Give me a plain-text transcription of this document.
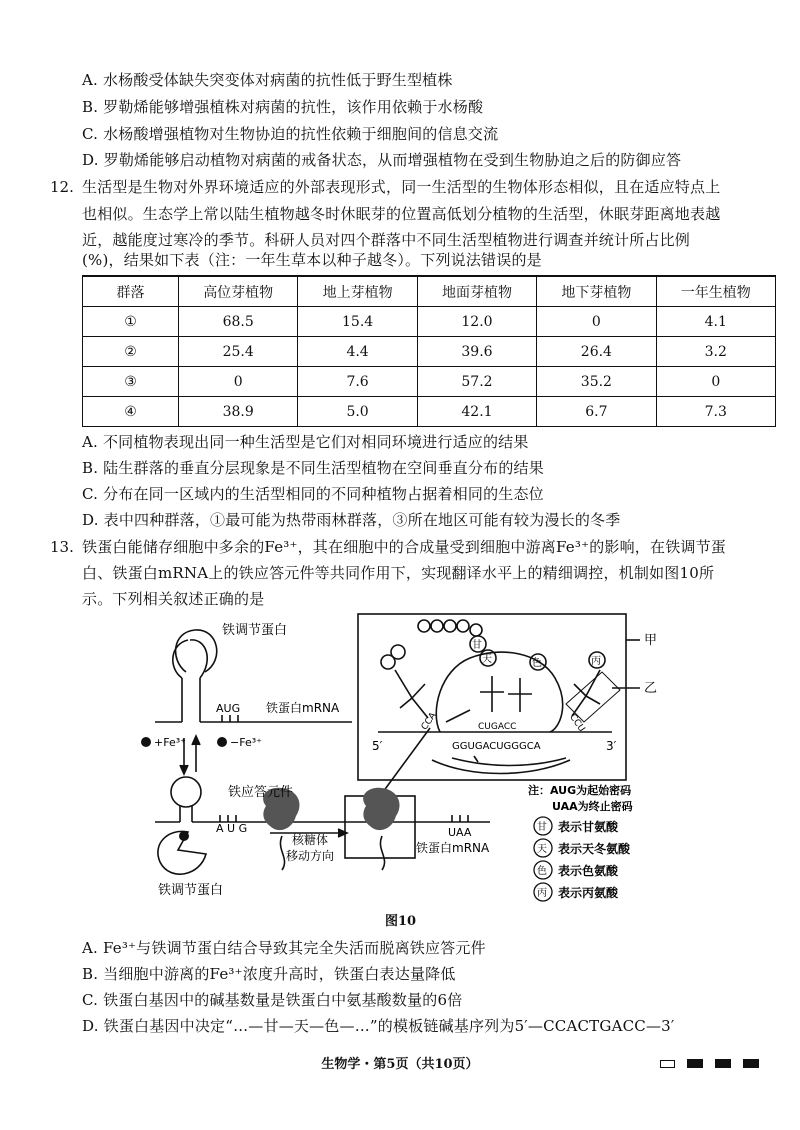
A. 水杨酸受体缺失突变体对病菌的抗性低于野生型植株
B. 罗勒烯能够增强植株对病菌的抗性，该作用依赖于水杨酸
C. 水杨酸增强植物对生物协迫的抗性依赖于细胞间的信息交流
D. 罗勒烯能够启动植物对病菌的戒备状态，从而增强植物在受到生物胁迫之后的防御应答
12. 生活型是生物对外界环境适应的外部表现形式，同一生活型的生物体形态相似，且在适应特点上
也相似。生态学上常以陆生植物越冬时休眠芽的位置高低划分植物的生活型，休眠芽距离地表越
近，越能度过寒冷的季节。科研人员对四个群落中不同生活型植物进行调查并统计所占比例
(%)，结果如下表（注：一年生草本以种子越冬）。下列说法错误的是
群落	高位芽植物	地上芽植物	地面芽植物	地下芽植物	一年生植物
①	68.5	15.4	12.0	0	4.1
②	25.4	4.4	39.6	26.4	3.2
③	0	7.6	57.2	35.2	0
④	38.9	5.0	42.1	6.7	7.3
A. 不同植物表现出同一种生活型是它们对相同环境进行适应的结果
B. 陆生群落的垂直分层现象是不同生活型植物在空间垂直分布的结果
C. 分布在同一区域内的生活型相同的不同种植物占据着相同的生态位
D. 表中四种群落，①最可能为热带雨林群落，③所在地区可能有较为漫长的冬季
13. 铁蛋白能储存细胞中多余的Fe³⁺，其在细胞中的合成量受到细胞中游离Fe³⁺的影响，在铁调节蛋
白、铁蛋白mRNA上的铁应答元件等共同作用下，实现翻译水平上的精细调控，机制如图10所
示。下列相关叙述正确的是
铁调节蛋白
AUG 铁蛋白mRNA
+Fe³⁺	−Fe³⁺
铁应答元件
A U G	UAA
铁蛋白mRNA
核糖体
移动方向
铁调节蛋白
甲
乙
5′	3′
GGUGACUGGGCA
CUGACC
CCA	CCU
甘
天	色	丙
注：AUG为起始密码
UAA为终止密码
甘
天
色
丙
表示甘氨酸
表示天冬氨酸
表示色氨酸
表示丙氨酸
图10
A. Fe³⁺与铁调节蛋白结合导致其完全失活而脱离铁应答元件
B. 当细胞中游离的Fe³⁺浓度升高时，铁蛋白表达量降低
C. 铁蛋白基因中的碱基数量是铁蛋白中氨基酸数量的6倍
D. 铁蛋白基因中决定“…—甘—天—色—…”的模板链碱基序列为5′—CCACTGACC—3′
生物学・第5页（共10页）
